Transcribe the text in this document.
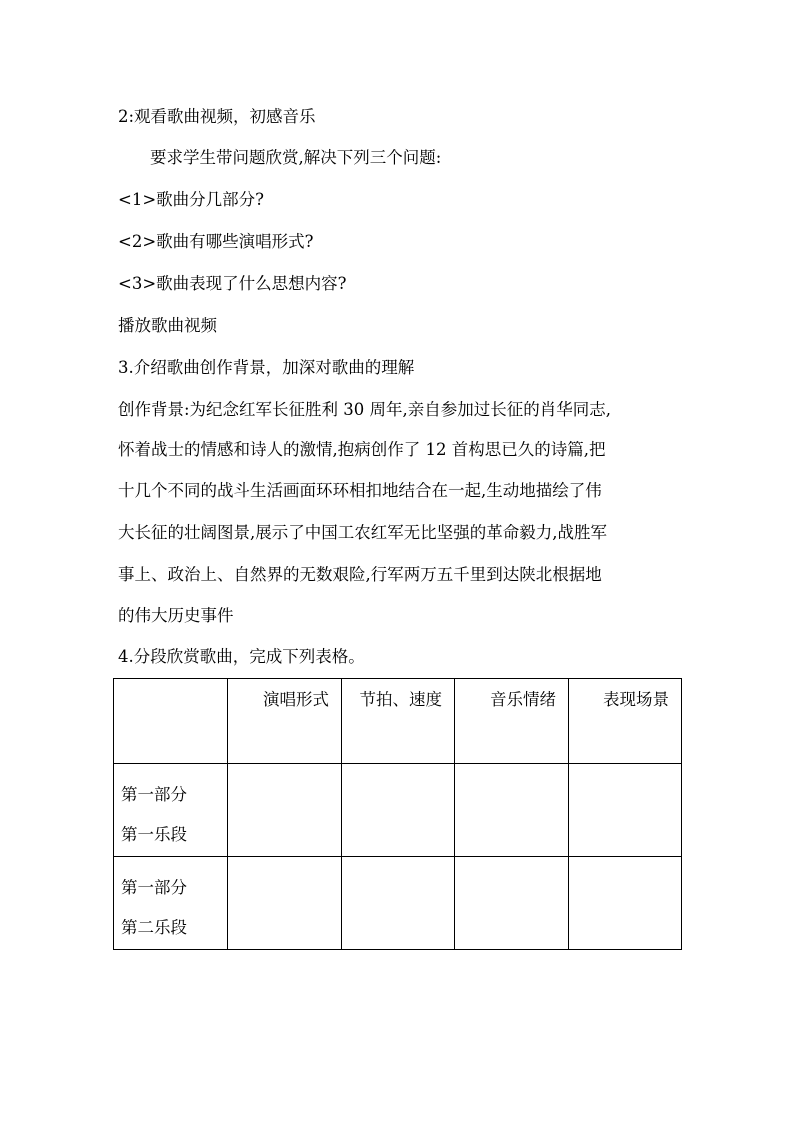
2:观看歌曲视频，初感音乐
要求学生带问题欣赏,解决下列三个问题:
<1>歌曲分几部分?
<2>歌曲有哪些演唱形式?
<3>歌曲表现了什么思想内容?
播放歌曲视频
3.介绍歌曲创作背景，加深对歌曲的理解
创作背景:为纪念红军长征胜利 30 周年,亲自参加过长征的肖华同志,
怀着战士的情感和诗人的激情,抱病创作了 12 首构思已久的诗篇,把
十几个不同的战斗生活画面环环相扣地结合在一起,生动地描绘了伟
大长征的壮阔图景,展示了中国工农红军无比坚强的革命毅力,战胜军
事上、政治上、自然界的无数艰险,行军两万五千里到达陕北根据地
的伟大历史事件
4.分段欣赏歌曲，完成下列表格。

	演唱形式	节拍、速度	音乐情绪	表现场景

第一部分
第一乐段				

第一部分
第二乐段				
